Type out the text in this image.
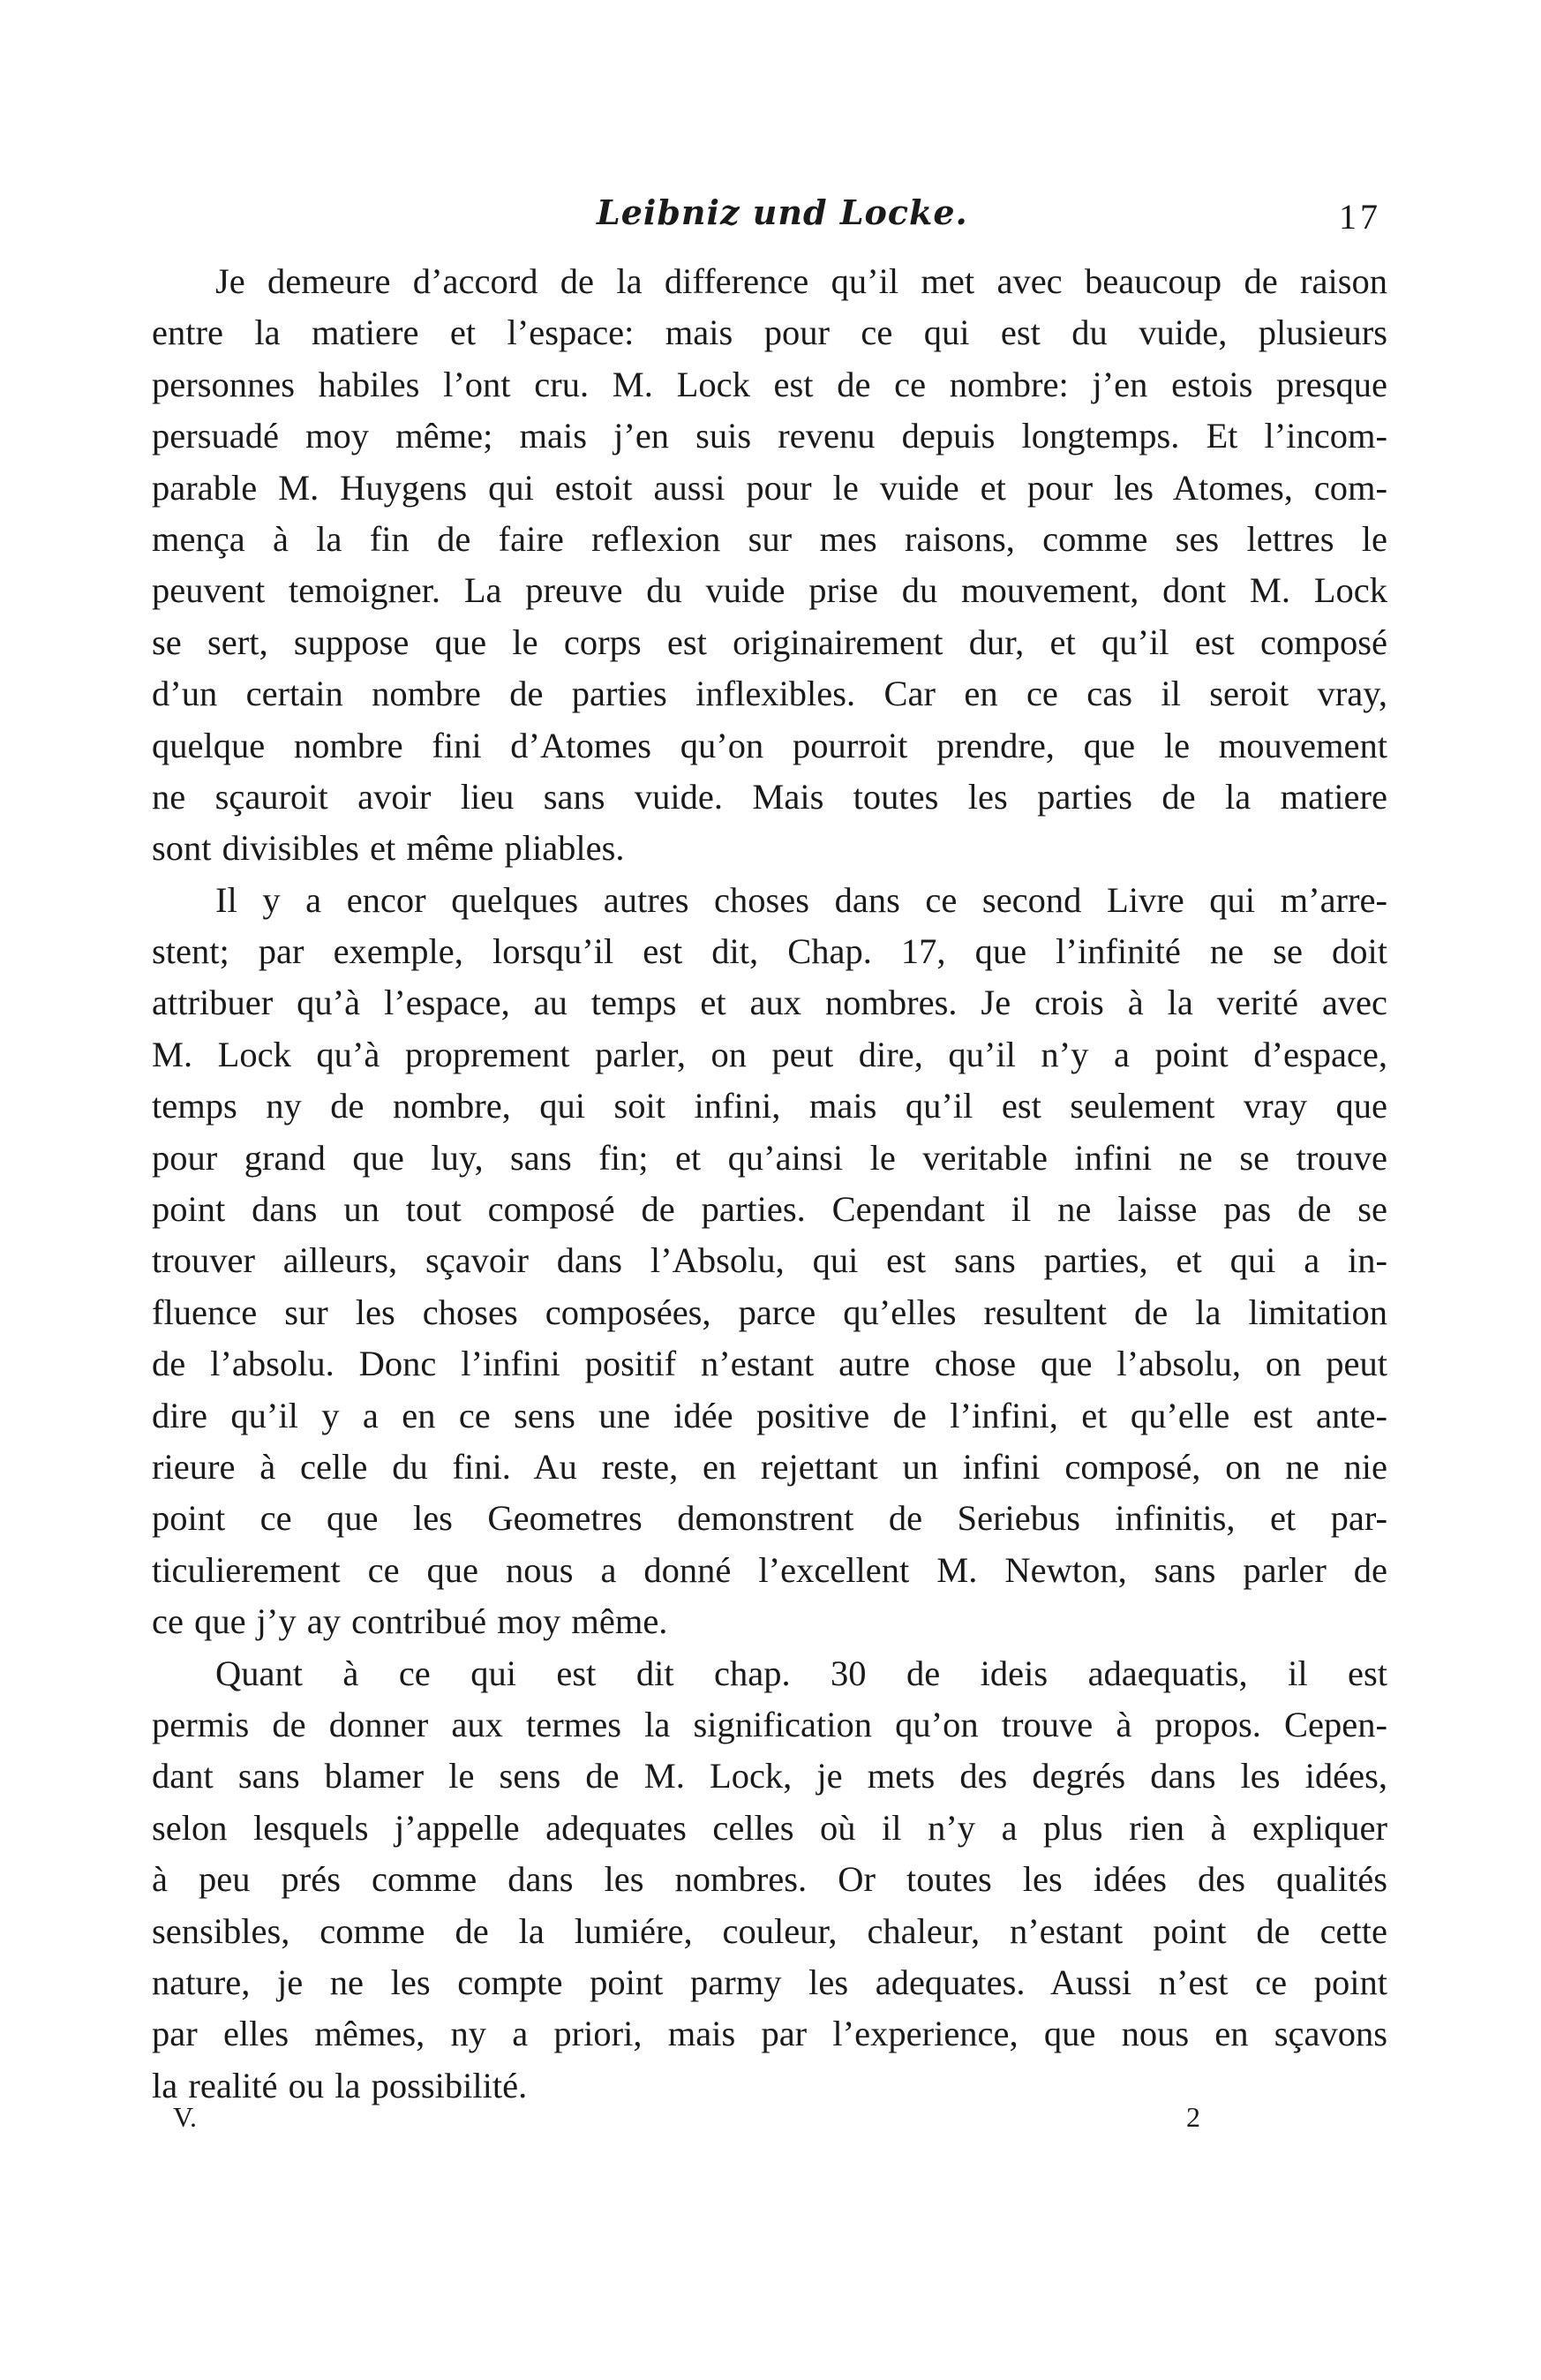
Leibniz und Locke.	17
Je demeure d’accord de la difference qu’il met avec beaucoup de raison
entre la matiere et l’espace: mais pour ce qui est du vuide, plusieurs
personnes habiles l’ont cru. M. Lock est de ce nombre: j’en estois presque
persuadé moy même; mais j’en suis revenu depuis longtemps. Et l’incom-
parable M. Huygens qui estoit aussi pour le vuide et pour les Atomes, com-
mença à la fin de faire reflexion sur mes raisons, comme ses lettres le
peuvent temoigner. La preuve du vuide prise du mouvement, dont M. Lock
se sert, suppose que le corps est originairement dur, et qu’il est composé
d’un certain nombre de parties inflexibles. Car en ce cas il seroit vray,
quelque nombre fini d’Atomes qu’on pourroit prendre, que le mouvement
ne sçauroit avoir lieu sans vuide. Mais toutes les parties de la matiere
sont divisibles et même pliables.
Il y a encor quelques autres choses dans ce second Livre qui m’arre-
stent; par exemple, lorsqu’il est dit, Chap. 17, que l’infinité ne se doit
attribuer qu’à l’espace, au temps et aux nombres. Je crois à la verité avec
M. Lock qu’à proprement parler, on peut dire, qu’il n’y a point d’espace,
temps ny de nombre, qui soit infini, mais qu’il est seulement vray que
pour grand que luy, sans fin; et qu’ainsi le veritable infini ne se trouve
point dans un tout composé de parties. Cependant il ne laisse pas de se
trouver ailleurs, sçavoir dans l’Absolu, qui est sans parties, et qui a in-
fluence sur les choses composées, parce qu’elles resultent de la limitation
de l’absolu. Donc l’infini positif n’estant autre chose que l’absolu, on peut
dire qu’il y a en ce sens une idée positive de l’infini, et qu’elle est ante-
rieure à celle du fini. Au reste, en rejettant un infini composé, on ne nie
point ce que les Geometres demonstrent de Seriebus infinitis, et par-
ticulierement ce que nous a donné l’excellent M. Newton, sans parler de
ce que j’y ay contribué moy même.
Quant à ce qui est dit chap. 30 de ideis adaequatis, il est
permis de donner aux termes la signification qu’on trouve à propos. Cepen-
dant sans blamer le sens de M. Lock, je mets des degrés dans les idées,
selon lesquels j’appelle adequates celles où il n’y a plus rien à expliquer
à peu prés comme dans les nombres. Or toutes les idées des qualités
sensibles, comme de la lumiére, couleur, chaleur, n’estant point de cette
nature, je ne les compte point parmy les adequates. Aussi n’est ce point
par elles mêmes, ny a priori, mais par l’experience, que nous en sçavons
la realité ou la possibilité.
V.	2
